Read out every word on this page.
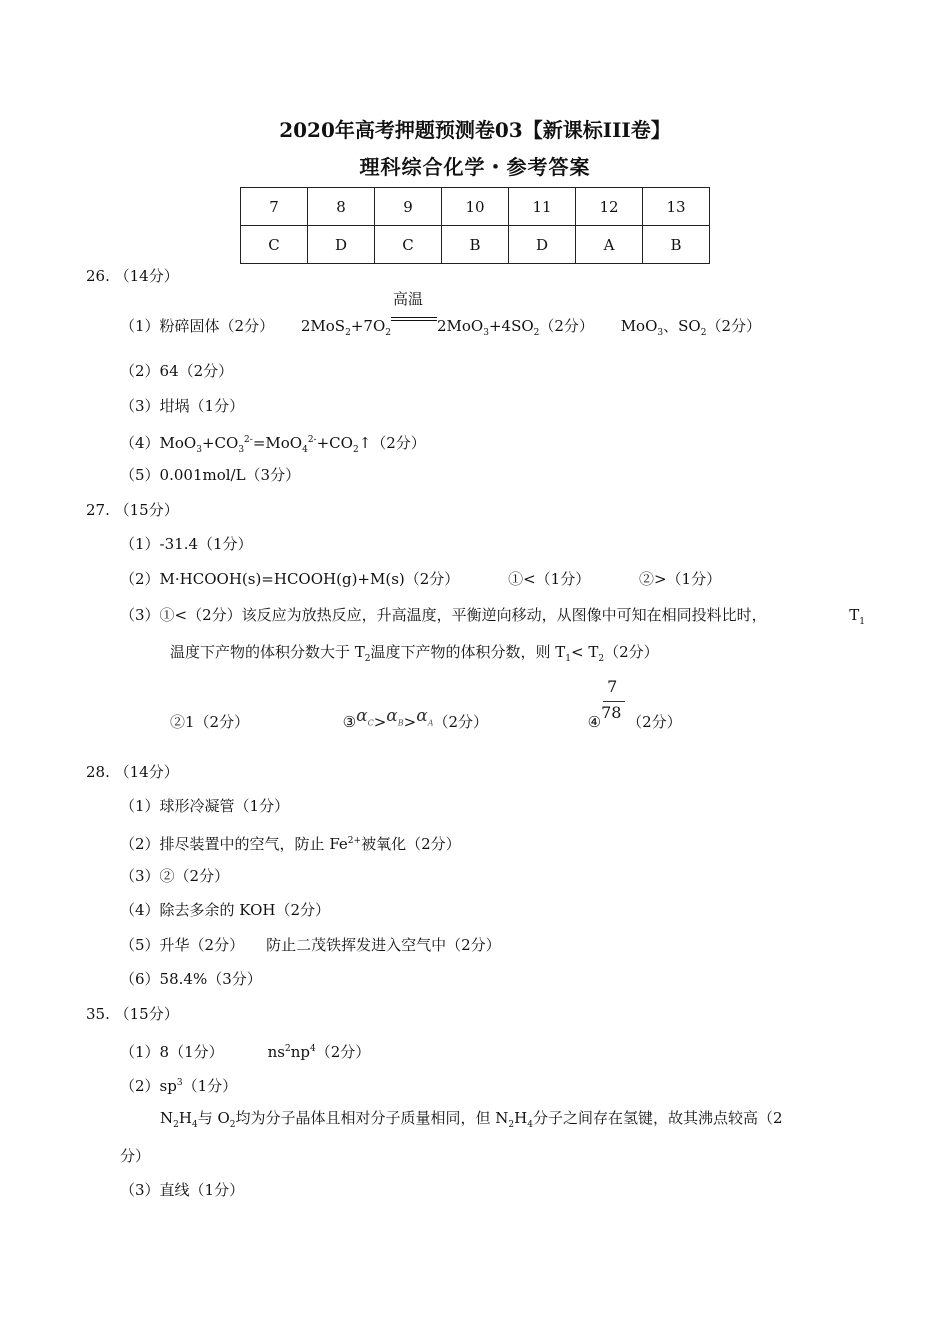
2020年高考押题预测卷03【新课标III卷】
理科综合化学・参考答案
7	8	9	10	11	12	13
C	D	C	B	D	A	B
26. （14分）
（1）粉碎固体（2分） $2MoS_2+7O_2$
高温
$2MoO_3+4SO_2(2$分） MoO$_3$、$SO_2(2$分）
（2）64（2分）
（3）坩埚（1分）
$(4)MoO_3+CO_3^{2-}=MoO_4^{2-}+CO_2↑(2$分）
（5）0.001mol/L（3分）
27. （15分）
（1）-31.4（1分）
（2）M·HCOOH(s)=HCOOH(g)+M(s)（2分）	①<（1分）	②>（1分）
（3）①<（2分）该反应为放热反应，升高温度，平衡逆向移动，从图像中可知在相同投料比时，	$T_1$
温度下产物的体积分数大于 $T_2$温度下产物的体积分数，则 $T_1< T_2(2$分）
②1（2分）	$③\alpha_C>\alpha_B>\alpha_A(2$分）	④ $\frac{7}{78} (2$分）
28. （14分）
（1）球形冷凝管（1分）
（2）排尽装置中的空气，防止 $Fe^{2+}$被氧化（2分）
（3）②（2分）
（4）除去多余的 KOH（2分）
（5）升华（2分） 防止二茂铁挥发进入空气中（2分）
（6）58.4%（3分）
35. （15分）
（1）8（1分）	$ns^2np^4(2$分）
$(2)sp^3(1$分）
$N_2H_4$与 $O_2$均为分子晶体且相对分子质量相同，但 $N_2H_4$分子之间存在氢键，故其沸点较高（2
分）
（3）直线（1分）
